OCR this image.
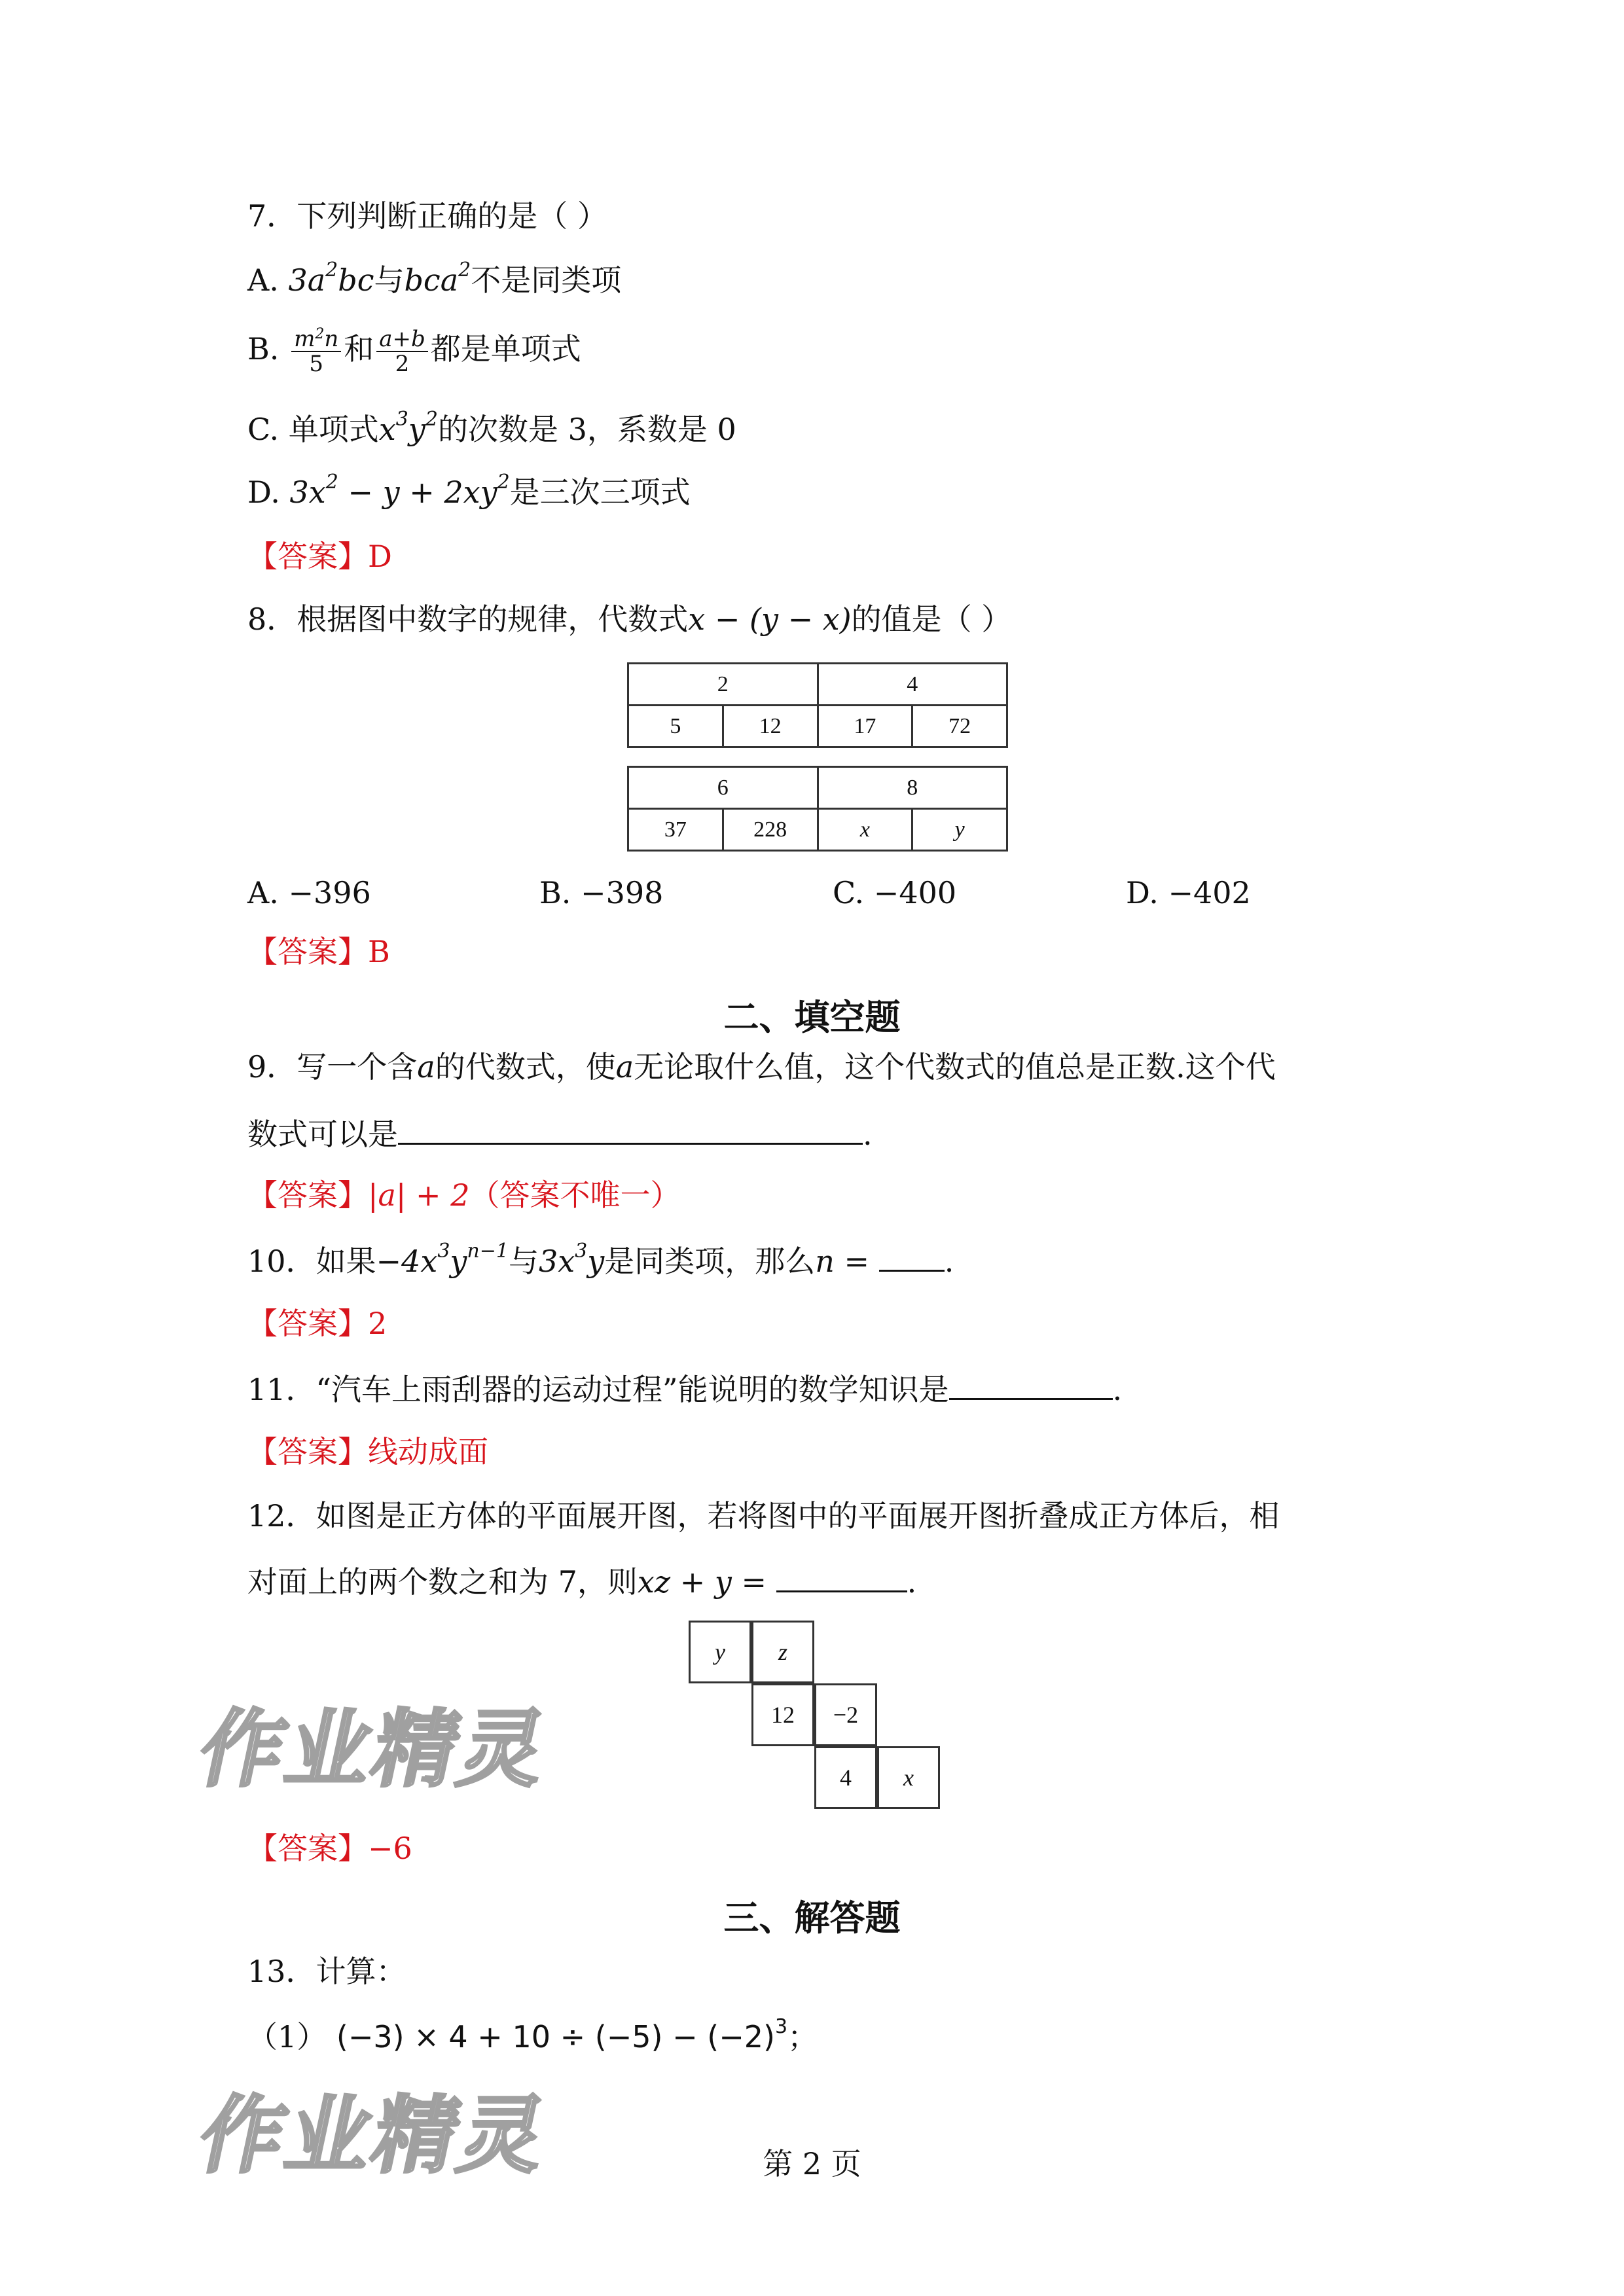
7．下列判断正确的是（ ）
A. $3a^2bc$与bca$^2$不是同类项
B. $\frac{m^2n}{5}$ 和 $\frac{a+b}{2}$ 都是单项式
C. 单项式$x^3y^2$的次数是 3，系数是 0
D. $3x^2 - y + 2xy^2$是三次三项式
【答案】D
8．根据图中数字的规律，代数式x − (y − x)的值是（ ）
2		4	
5	12	17	72
6		8	
37	228	x	y
A. −396	B. −398	C. −400	D. −402
【答案】B
二、填空题
9．写一个含a的代数式，使a无论取什么值，这个代数式的值总是正数.这个代
数式可以是	.
【答案】|a| + 2（答案不唯一）
10．如果$-4x^3y^{n-1}$与$3x^3y$是同类项，那么n = .
【答案】2
11．“汽车上雨刮器的运动过程”能说明的数学知识是	.
【答案】线动成面
12．如图是正方体的平面展开图，若将图中的平面展开图折叠成正方体后，相
对面上的两个数之和为 7，则xz + y =	.
y	z
12	−2
4	x
作业精灵
【答案】−6
三、解答题
13．计算：
（1） $(-3) \times 4 + 10 \div (-5) - (-2)^3$；
作业精灵	第 2 页
